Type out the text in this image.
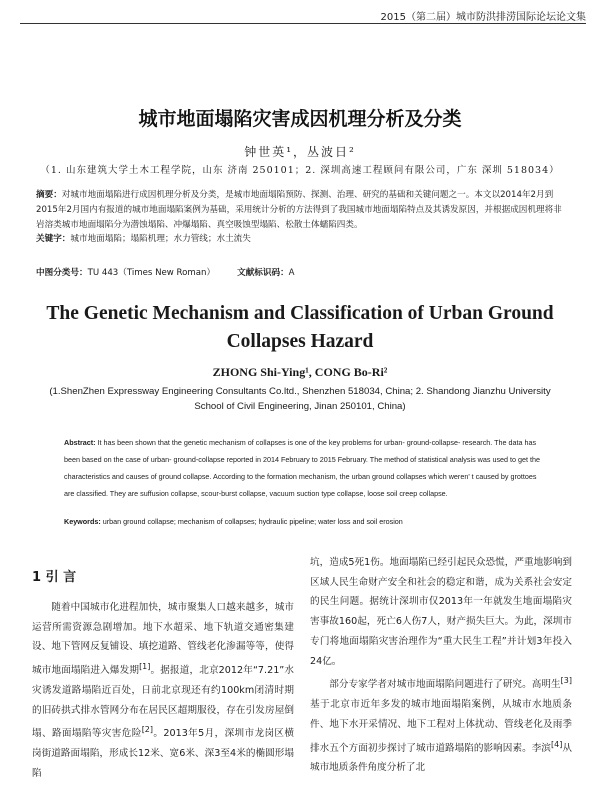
2015（第二届）城市防洪排涝国际论坛论文集
城市地面塌陷灾害成因机理分析及分类
钟世英¹，丛波日²
（1. 山东建筑大学土木工程学院，山东 济南 250101；2. 深圳高速工程顾问有限公司，广东 深圳 518034）
摘要：对城市地面塌陷进行成因机理分析及分类，是城市地面塌陷预防、探测、治理、研究的基础和关键问题之一。本文以2014年2月到2015年2月国内有报道的城市地面塌陷案例为基础，采用统计分析的方法得到了我国城市地面塌陷特点及其诱发原因，并根据成因机理将非岩溶类城市地面塌陷分为潜蚀塌陷、冲爆塌陷、真空吸蚀型塌陷、松散土体蠕陷四类。
关键字：城市地面塌陷；塌陷机理；水力管线；水土流失
中图分类号：TU 443（Times New Roman）	文献标识码：A
The Genetic Mechanism and Classification of Urban Ground Collapses Hazard
ZHONG Shi-Ying¹, CONG Bo-Ri²
(1.ShenZhen Expressway Engineering Consultants Co.ltd., Shenzhen 518034, China; 2. Shandong Jianzhu University School of Civil Engineering, Jinan 250101, China)
Abstract: It has been shown that the genetic mechanism of collapses is one of the key problems for urban- ground-collapse- research. The data has been based on the case of urban- ground-collapse reported in 2014 February to 2015 February. The method of statistical analysis was used to get the characteristics and causes of ground collapse. According to the formation mechanism, the urban ground collapses which weren' t caused by grottoes are classified. They are suffusion collapse, scour-burst collapse, vacuum suction type collapse, loose soil creep collapse.
Keywords: urban ground collapse; mechanism of collapses; hydraulic pipeline; water loss and soil erosion
1 引 言

随着中国城市化进程加快，城市聚集人口越来越多，城市运营所需资源急剧增加。地下水超采、地下轨道交通密集建设、地下管网反复铺设、填挖道路、管线老化渗漏等等，使得城市地面塌陷进入爆发期[1]。据报道，北京2012年“7.21”水灾诱发道路塌陷近百处，日前北京现还有约100km闭清时期的旧砖拱式排水管网分布在居民区超期服役，存在引发房屋倒塌、路面塌陷等灾害危险[2]。2013年5月，深圳市龙岗区横岗街道路面塌陷，形成长12米、宽6米、深3至4米的椭圆形塌陷

坑，造成5死1伤。地面塌陷已经引起民众恐慌，严重地影响到区域人民生命财产安全和社会的稳定和谐，成为关系社会安定的民生问题。据统计深圳市仅2013年一年就发生地面塌陷灾害事故160起，死亡6人伤7人，财产损失巨大。为此，深圳市专门将地面塌陷灾害治理作为“重大民生工程”并计划3年投入24亿。

部分专家学者对城市地面塌陷问题进行了研究。高明生[3]基于北京市近年多发的城市地面塌陷案例，从城市水地质条件、地下水开采情况、地下工程对上体扰动、管线老化及雨季排水五个方面初步探讨了城市道路塌陷的影响因素。李滨[4]从城市地质条件角度分析了北
